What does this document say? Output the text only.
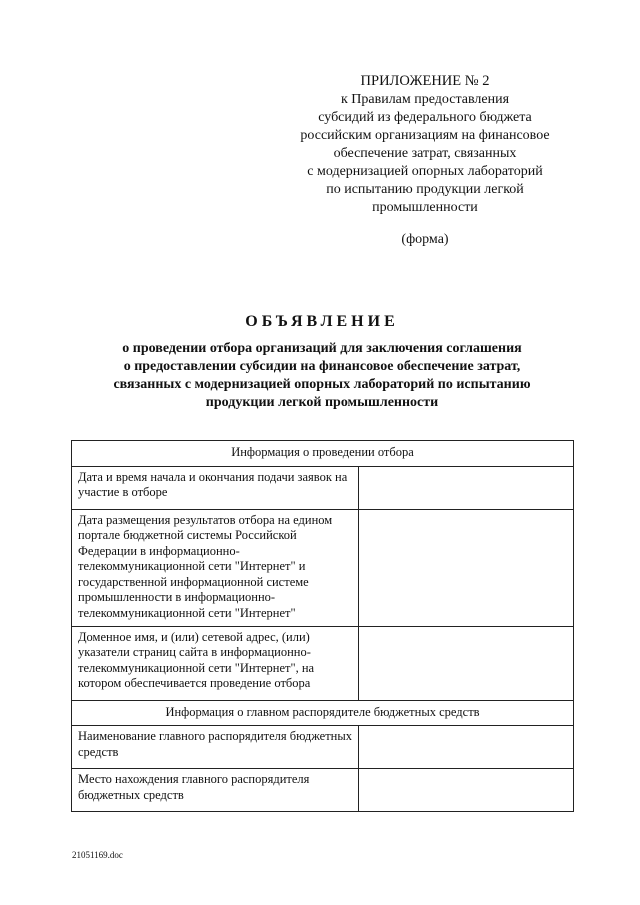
ПРИЛОЖЕНИЕ № 2
к Правилам предоставления
субсидий из федерального бюджета
российским организациям на финансовое
обеспечение затрат, связанных
с модернизацией опорных лабораторий
по испытанию продукции легкой
промышленности
(форма)
ОБЪЯВЛЕНИЕ
о проведении отбора организаций для заключения соглашения
о предоставлении субсидии на финансовое обеспечение затрат,
связанных с модернизацией опорных лабораторий по испытанию
продукции легкой промышленности
Информация о проведении отбора	
Дата и время начала и окончания подачи заявок на участие в отборе	
Дата размещения результатов отбора на едином портале бюджетной системы Российской Федерации в информационно-телекоммуникационной сети "Интернет" и государственной информационной системе промышленности в информационно-телекоммуникационной сети "Интернет"	
Доменное имя, и (или) сетевой адрес, (или) указатели страниц сайта в информационно-телекоммуникационной сети "Интернет", на котором обеспечивается проведение отбора	
Информация о главном распорядителе бюджетных средств	
Наименование главного распорядителя бюджетных средств	
Место нахождения главного распорядителя бюджетных средств	
21051169.doc
